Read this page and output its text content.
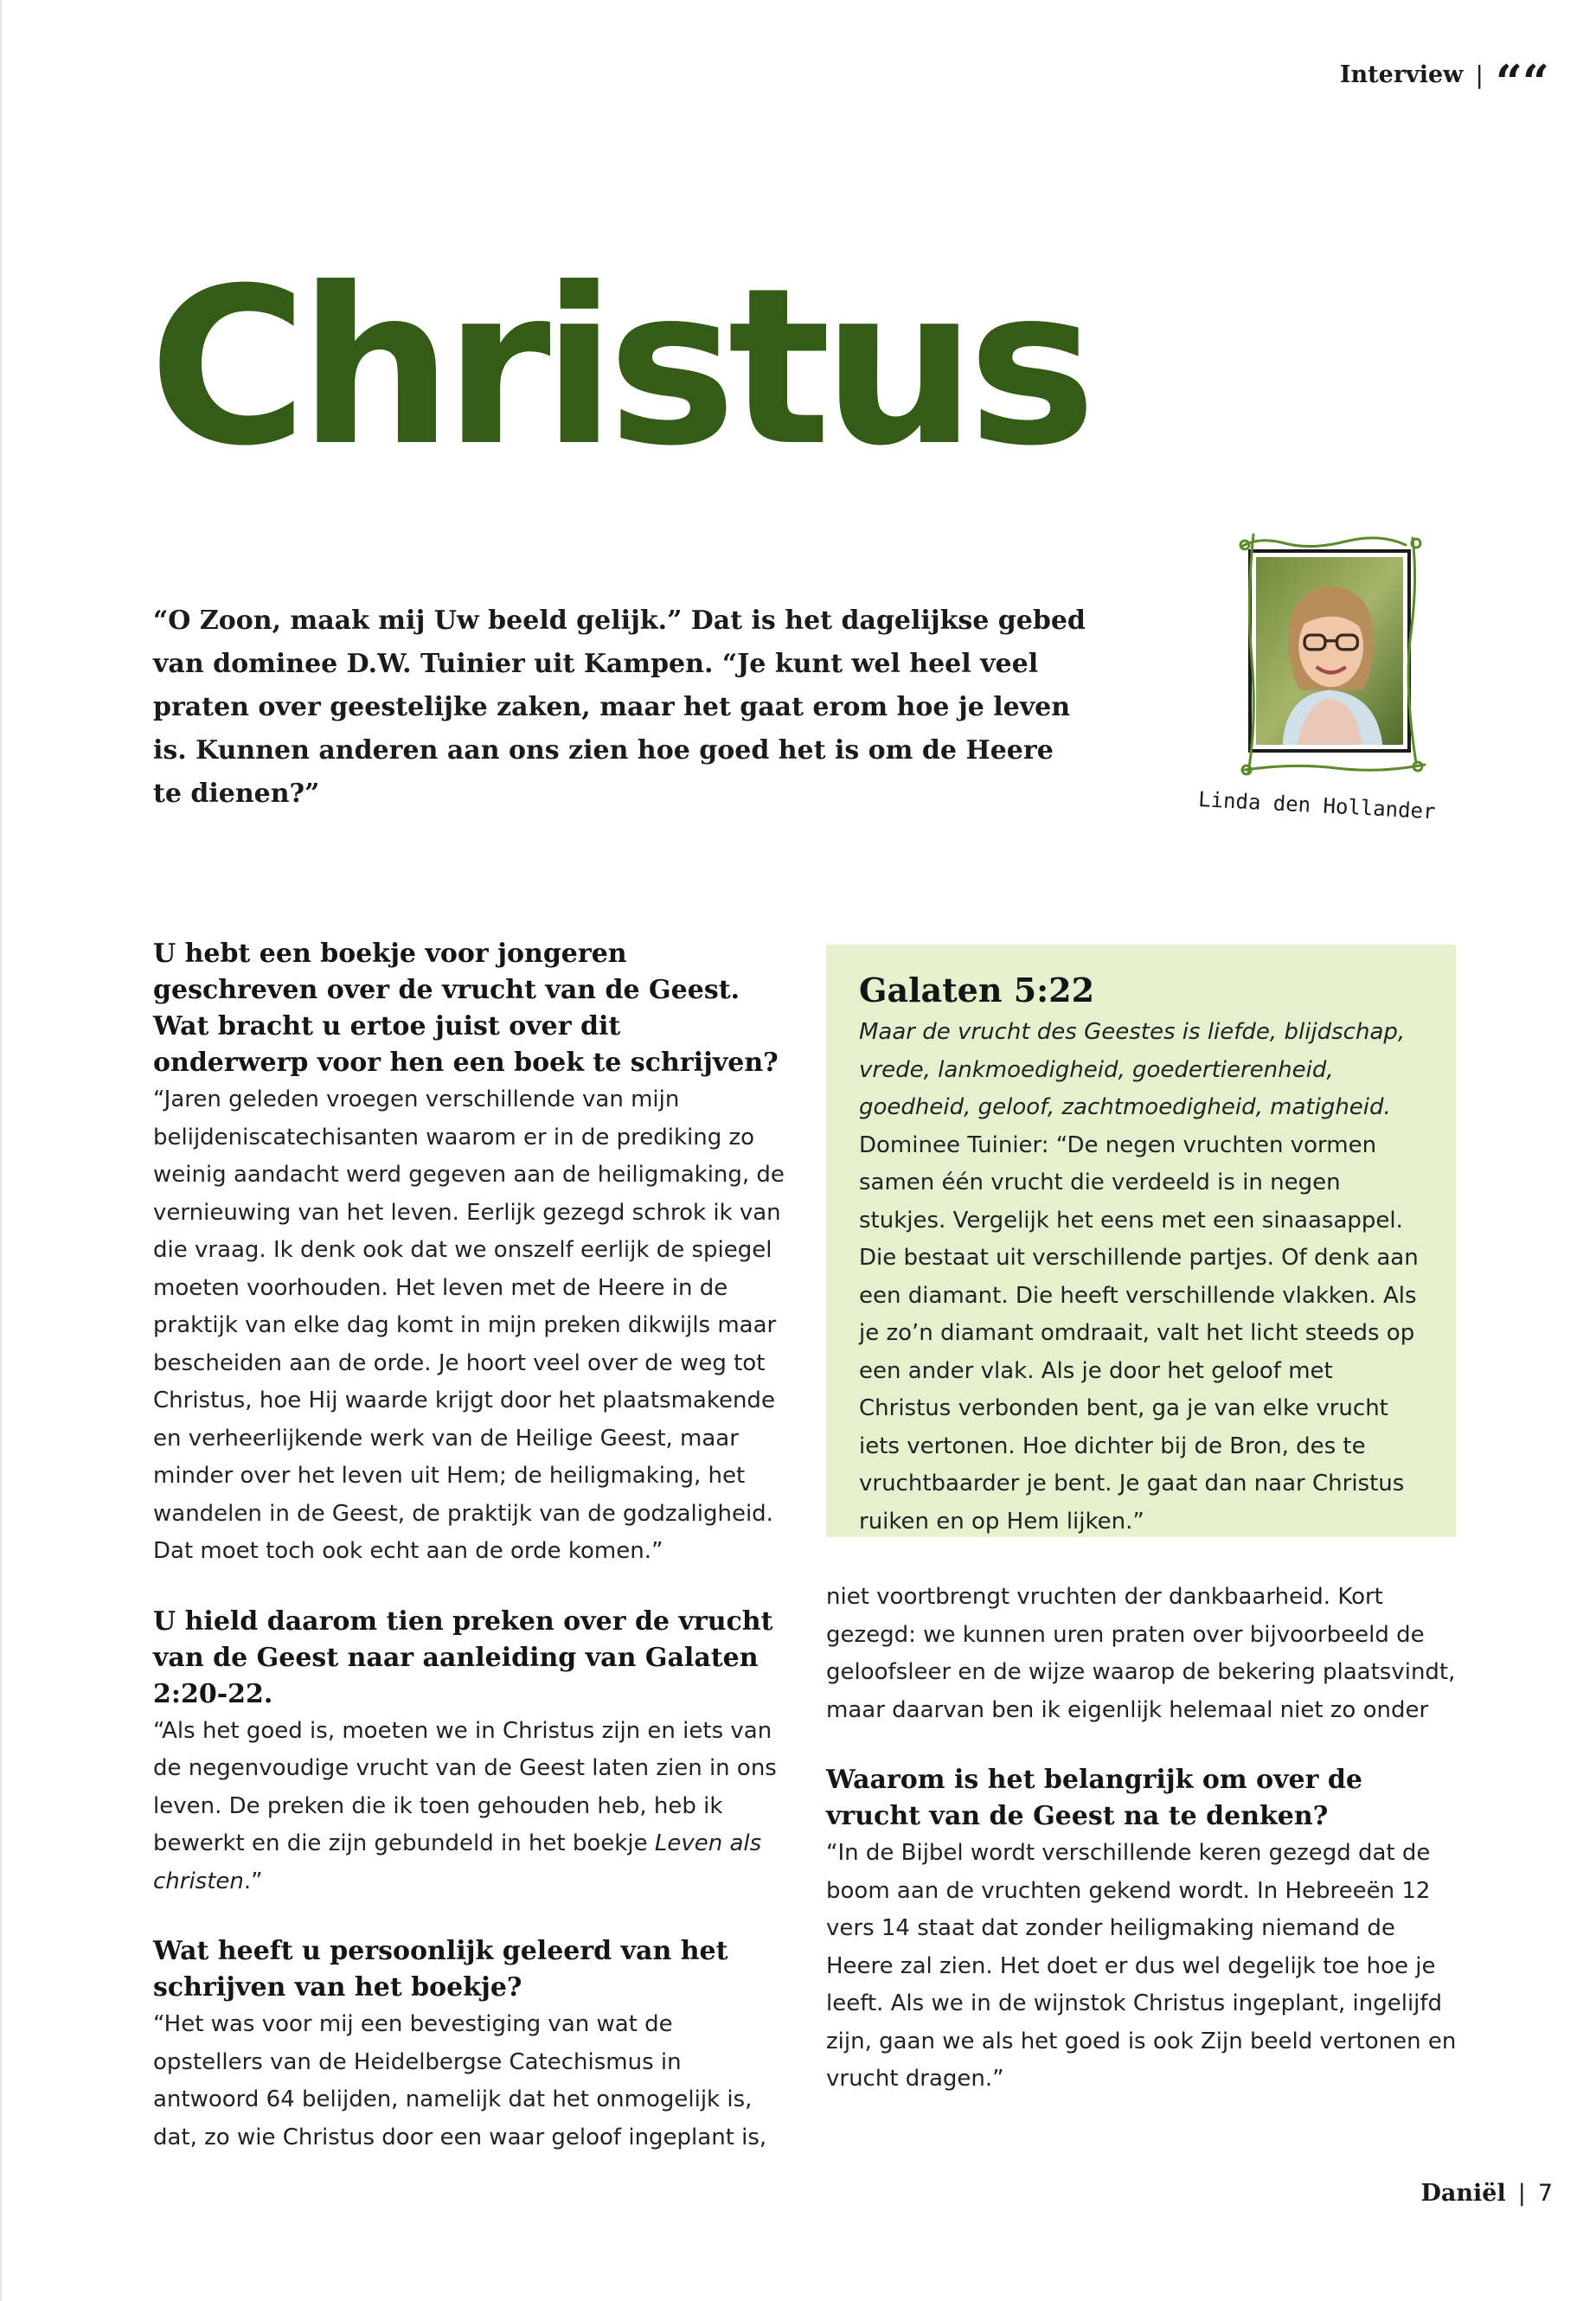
Interview | ““
Christus

“O Zoon, maak mij Uw beeld gelijk.” Dat is het dagelijkse gebed van dominee D.W. Tuinier uit Kampen. “Je kunt wel heel veel praten over geestelijke zaken, maar het gaat erom hoe je leven is. Kunnen anderen aan ons zien hoe goed het is om de Heere te dienen?”	Linda den Hollander

U hebt een boekje voor jongeren geschreven over de vrucht van de Geest. Wat bracht u ertoe juist over dit onderwerp voor hen een boek te schrijven?

“Jaren geleden vroegen verschillende van mijn belijdeniscatechisanten waarom er in de prediking zo weinig aandacht werd gegeven aan de heiligmaking, de vernieuwing van het leven. Eerlijk gezegd schrok ik van die vraag. Ik denk ook dat we onszelf eerlijk de spiegel moeten voorhouden. Het leven met de Heere in de praktijk van elke dag komt in mijn preken dikwijls maar bescheiden aan de orde. Je hoort veel over de weg tot Christus, hoe Hij waarde krijgt door het plaatsmakende en verheerlijkende werk van de Heilige Geest, maar minder over het leven uit Hem; de heiligmaking, het wandelen in de Geest, de praktijk van de godzaligheid. Dat moet toch ook echt aan de orde komen.”

U hield daarom tien preken over de vrucht van de Geest naar aanleiding van Galaten 2:20-22.

“Als het goed is, moeten we in Christus zijn en iets van de negenvoudige vrucht van de Geest laten zien in ons leven. De preken die ik toen gehouden heb, heb ik bewerkt en die zijn gebundeld in het boekje Leven als christen.”

Wat heeft u persoonlijk geleerd van het schrijven van het boekje?

“Het was voor mij een bevestiging van wat de opstellers van de Heidelbergse Catechismus in antwoord 64 belijden, namelijk dat het onmogelijk is, dat, zo wie Christus door een waar geloof ingeplant is,

Galaten 5:22

Maar de vrucht des Geestes is liefde, blijdschap, vrede, lankmoedigheid, goedertierenheid, goedheid, geloof, zachtmoedigheid, matigheid.

Dominee Tuinier: “De negen vruchten vormen samen één vrucht die verdeeld is in negen stukjes. Vergelijk het eens met een sinaasappel. Die bestaat uit verschillende partjes. Of denk aan een diamant. Die heeft verschillende vlakken. Als je zo’n diamant omdraait, valt het licht steeds op een ander vlak. Als je door het geloof met Christus verbonden bent, ga je van elke vrucht iets vertonen. Hoe dichter bij de Bron, des te vruchtbaarder je bent. Je gaat dan naar Christus ruiken en op Hem lijken.”

niet voortbrengt vruchten der dankbaarheid. Kort gezegd: we kunnen uren praten over bijvoorbeeld de geloofsleer en de wijze waarop de bekering plaatsvindt, maar daarvan ben ik eigenlijk helemaal niet zo onder

Waarom is het belangrijk om over de vrucht van de Geest na te denken?

“In de Bijbel wordt verschillende keren gezegd dat de boom aan de vruchten gekend wordt. In Hebreeën 12 vers 14 staat dat zonder heiligmaking niemand de Heere zal zien. Het doet er dus wel degelijk toe hoe je leeft. Als we in de wijnstok Christus ingeplant, ingelijfd zijn, gaan we als het goed is ook Zijn beeld vertonen en vrucht dragen.”

Daniël | 7
